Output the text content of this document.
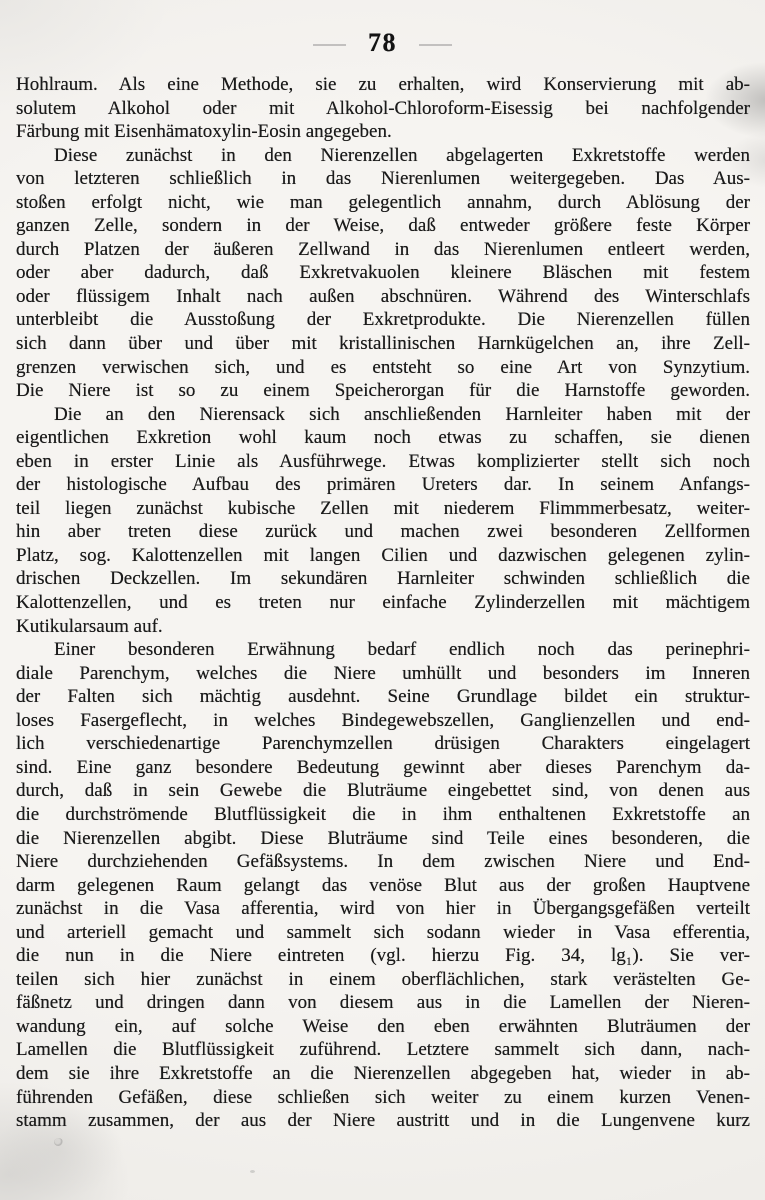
— 78 —
Hohlraum. Als eine Methode, sie zu erhalten, wird Konservierung mit ab-
solutem Alkohol oder mit Alkohol-Chloroform-Eisessig bei nachfolgender
Färbung mit Eisenhämatoxylin-Eosin angegeben.
Diese zunächst in den Nierenzellen abgelagerten Exkretstoffe werden
von letzteren schließlich in das Nierenlumen weitergegeben. Das Aus-
stoßen erfolgt nicht, wie man gelegentlich annahm, durch Ablösung der
ganzen Zelle, sondern in der Weise, daß entweder größere feste Körper
durch Platzen der äußeren Zellwand in das Nierenlumen entleert werden,
oder aber dadurch, daß Exkretvakuolen kleinere Bläschen mit festem
oder flüssigem Inhalt nach außen abschnüren. Während des Winterschlafs
unterbleibt die Ausstoßung der Exkretprodukte. Die Nierenzellen füllen
sich dann über und über mit kristallinischen Harnkügelchen an, ihre Zell-
grenzen verwischen sich, und es entsteht so eine Art von Synzytium.
Die Niere ist so zu einem Speicherorgan für die Harnstoffe geworden.
Die an den Nierensack sich anschließenden Harnleiter haben mit der
eigentlichen Exkretion wohl kaum noch etwas zu schaffen, sie dienen
eben in erster Linie als Ausführwege. Etwas komplizierter stellt sich noch
der histologische Aufbau des primären Ureters dar. In seinem Anfangs-
teil liegen zunächst kubische Zellen mit niederem Flimmmerbesatz, weiter-
hin aber treten diese zurück und machen zwei besonderen Zellformen
Platz, sog. Kalottenzellen mit langen Cilien und dazwischen gelegenen zylin-
drischen Deckzellen. Im sekundären Harnleiter schwinden schließlich die
Kalottenzellen, und es treten nur einfache Zylinderzellen mit mächtigem
Kutikularsaum auf.
Einer besonderen Erwähnung bedarf endlich noch das perinephri-
diale Parenchym, welches die Niere umhüllt und besonders im Inneren
der Falten sich mächtig ausdehnt. Seine Grundlage bildet ein struktur-
loses Fasergeflecht, in welches Bindegewebszellen, Ganglienzellen und end-
lich verschiedenartige Parenchymzellen drüsigen Charakters eingelagert
sind. Eine ganz besondere Bedeutung gewinnt aber dieses Parenchym da-
durch, daß in sein Gewebe die Bluträume eingebettet sind, von denen aus
die durchströmende Blutflüssigkeit die in ihm enthaltenen Exkretstoffe an
die Nierenzellen abgibt. Diese Bluträume sind Teile eines besonderen, die
Niere durchziehenden Gefäßsystems. In dem zwischen Niere und End-
darm gelegenen Raum gelangt das venöse Blut aus der großen Hauptvene
zunächst in die Vasa afferentia, wird von hier in Übergangsgefäßen verteilt
und arteriell gemacht und sammelt sich sodann wieder in Vasa efferentia,
die nun in die Niere eintreten (vgl. hierzu Fig. 34, lg₁). Sie ver-
teilen sich hier zunächst in einem oberflächlichen, stark verästelten Ge-
fäßnetz und dringen dann von diesem aus in die Lamellen der Nieren-
wandung ein, auf solche Weise den eben erwähnten Bluträumen der
Lamellen die Blutflüssigkeit zuführend. Letztere sammelt sich dann, nach-
dem sie ihre Exkretstoffe an die Nierenzellen abgegeben hat, wieder in ab-
führenden Gefäßen, diese schließen sich weiter zu einem kurzen Venen-
stamm zusammen, der aus der Niere austritt und in die Lungenvene kurz
